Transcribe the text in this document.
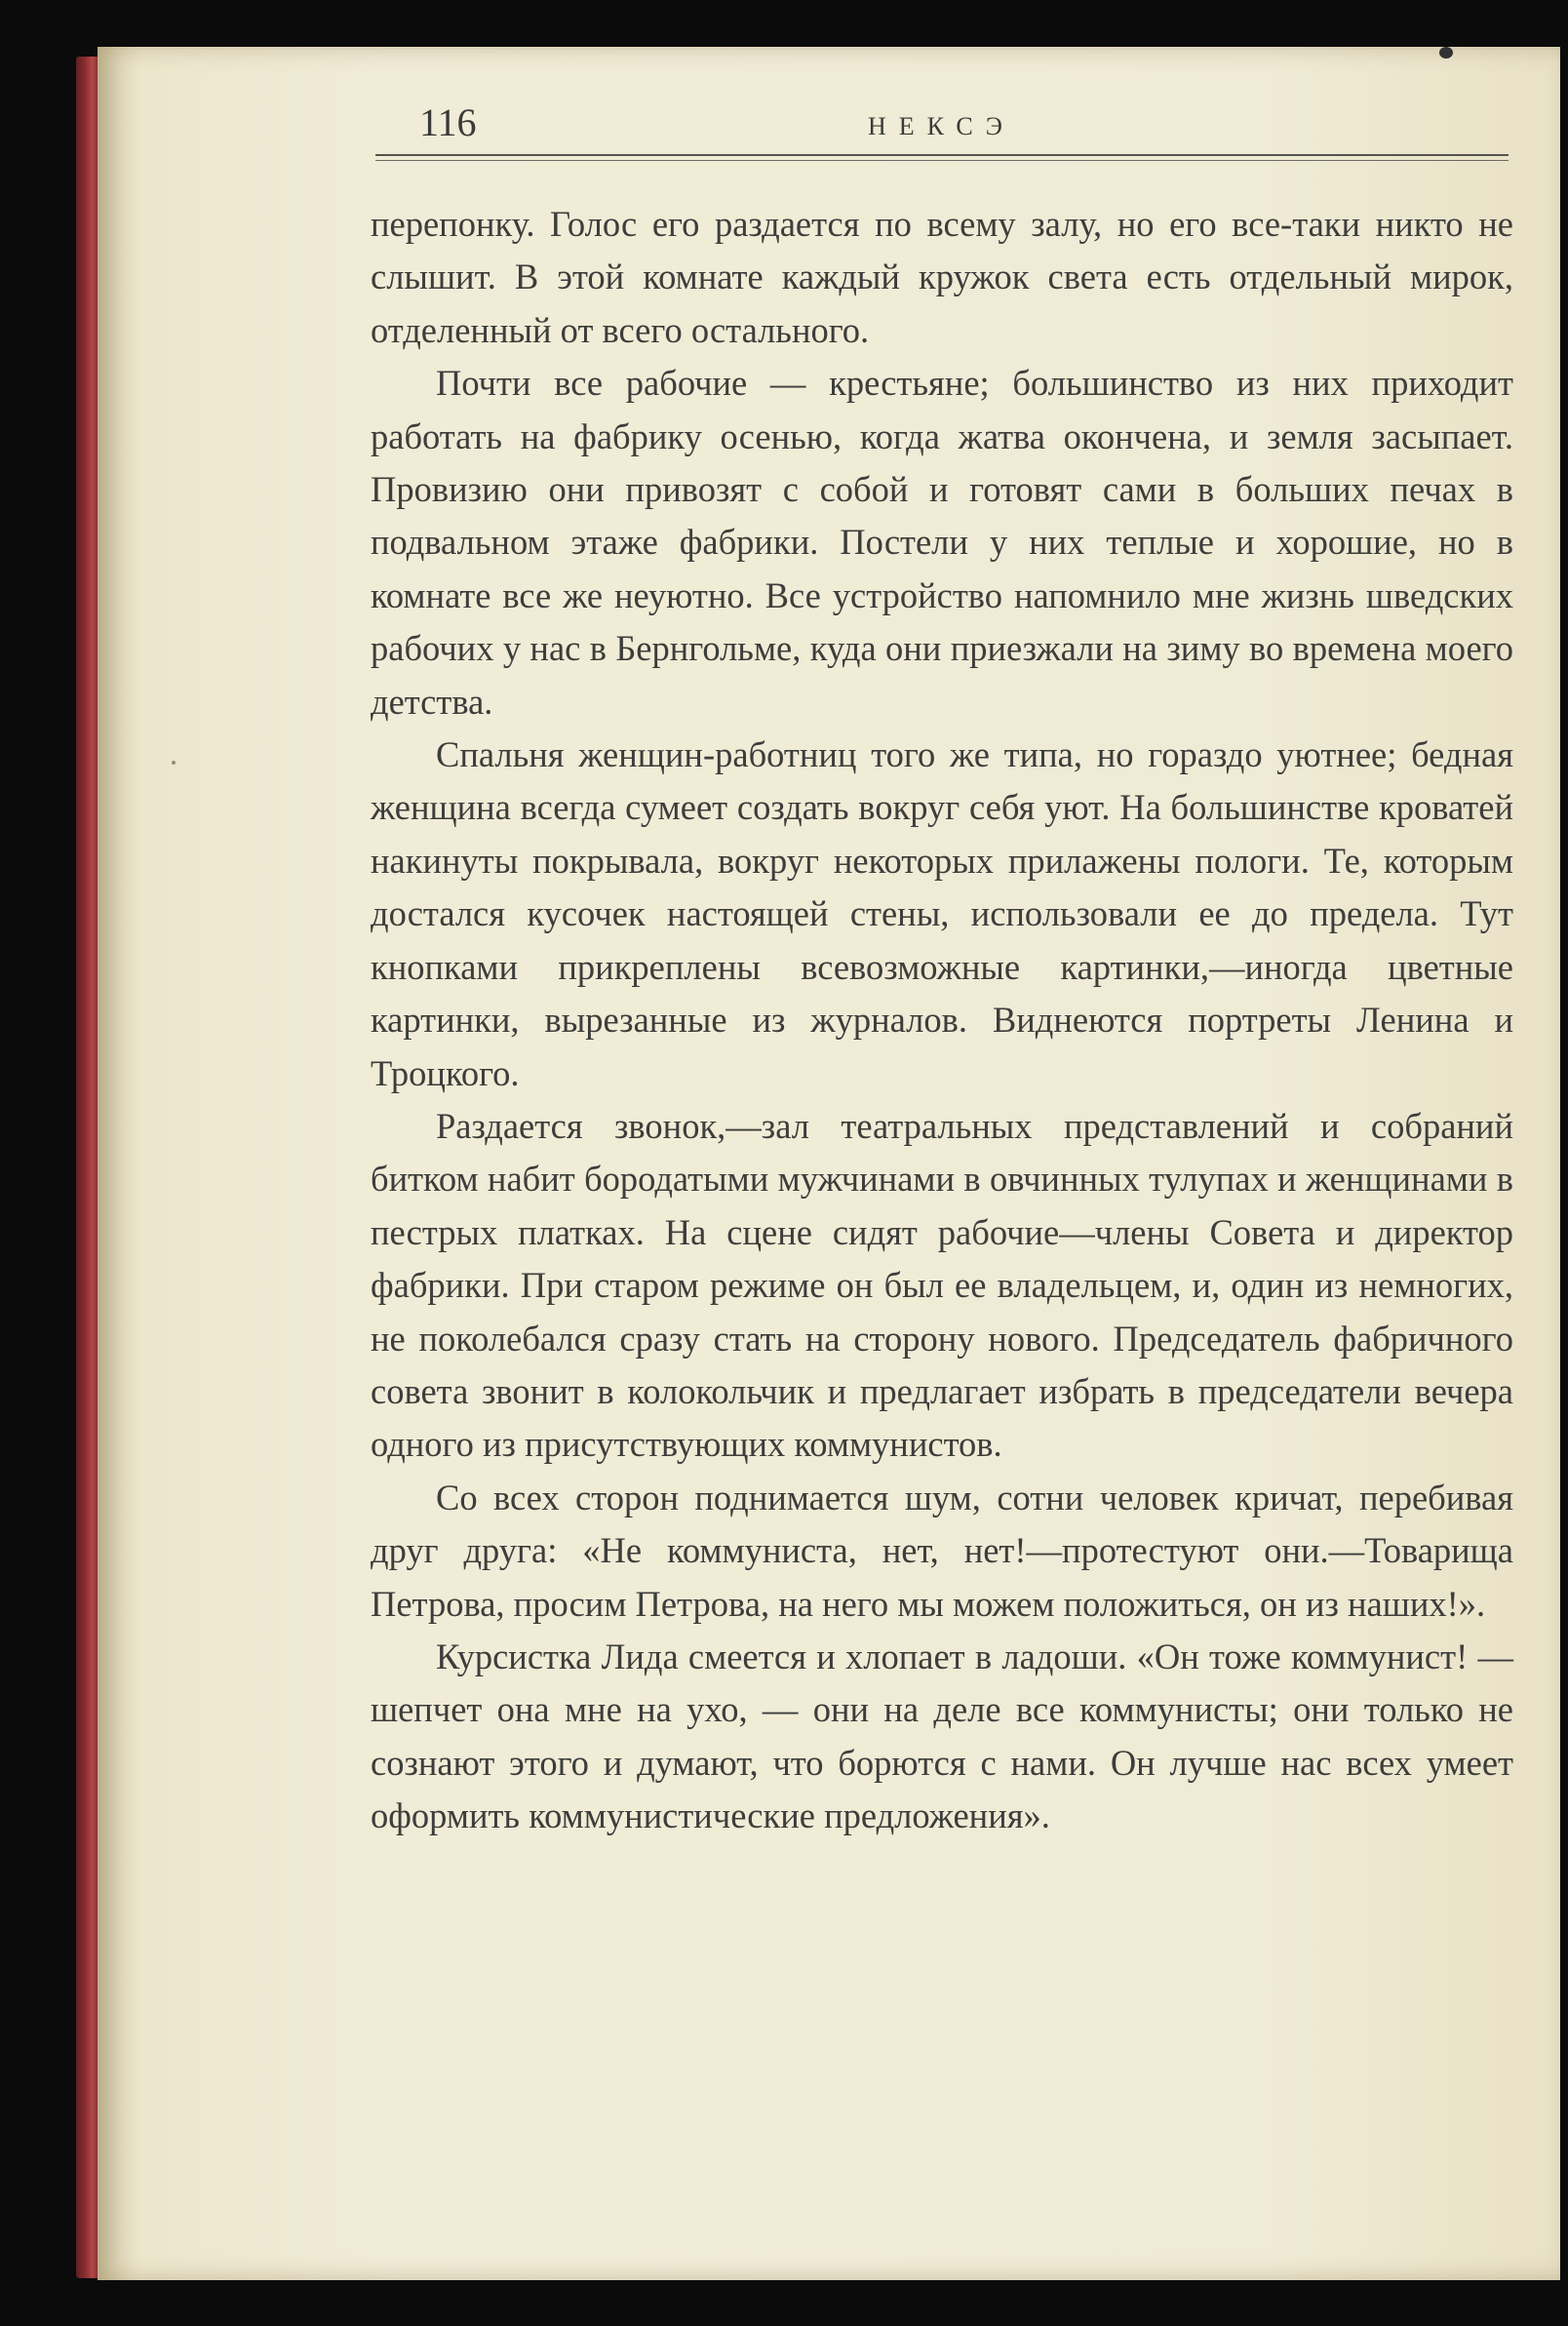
116	НЕКСЭ

перепонку. Голос его раздается по всему залу, но его все-таки никто не слышит. В этой комнате каждый кружок света есть отдельный мирок, отделенный от всего остального.

Почти все рабочие — крестьяне; большинство из них приходит работать на фабрику осенью, когда жатва окончена, и земля засыпает. Провизию они привозят с собой и готовят сами в больших печах в подвальном этаже фабрики. Постели у них теплые и хорошие, но в комнате все же неуютно. Все устройство напомнило мне жизнь шведских рабочих у нас в Бернгольме, куда они приезжали на зиму во времена моего детства.

Спальня женщин-работниц того же типа, но гораздо уютнее; бедная женщина всегда сумеет создать вокруг себя уют. На большинстве кроватей накинуты покрывала, вокруг некоторых прилажены пологи. Те, которым достался кусочек настоящей стены, использовали ее до предела. Тут кнопками прикреплены всевозможные картинки,—иногда цветные картинки, вырезанные из журналов. Виднеются портреты Ленина и Троцкого.

Раздается звонок,—зал театральных представлений и собраний битком набит бородатыми мужчинами в овчинных тулупах и женщинами в пестрых платках. На сцене сидят рабочие—члены Совета и директор фабрики. При старом режиме он был ее владельцем, и, один из немногих, не поколебался сразу стать на сторону нового. Председатель фабричного совета звонит в колокольчик и предлагает избрать в председатели вечера одного из присутствующих коммунистов.

Со всех сторон поднимается шум, сотни человек кричат, перебивая друг друга: «Не коммуниста, нет, нет!—протестуют они.—Товарища Петрова, просим Петрова, на него мы можем положиться, он из наших!».

Курсистка Лида смеется и хлопает в ладоши. «Он тоже коммунист! — шепчет она мне на ухо, — они на деле все коммунисты; они только не сознают этого и думают, что борются с нами. Он лучше нас всех умеет оформить коммунистические предложения».
